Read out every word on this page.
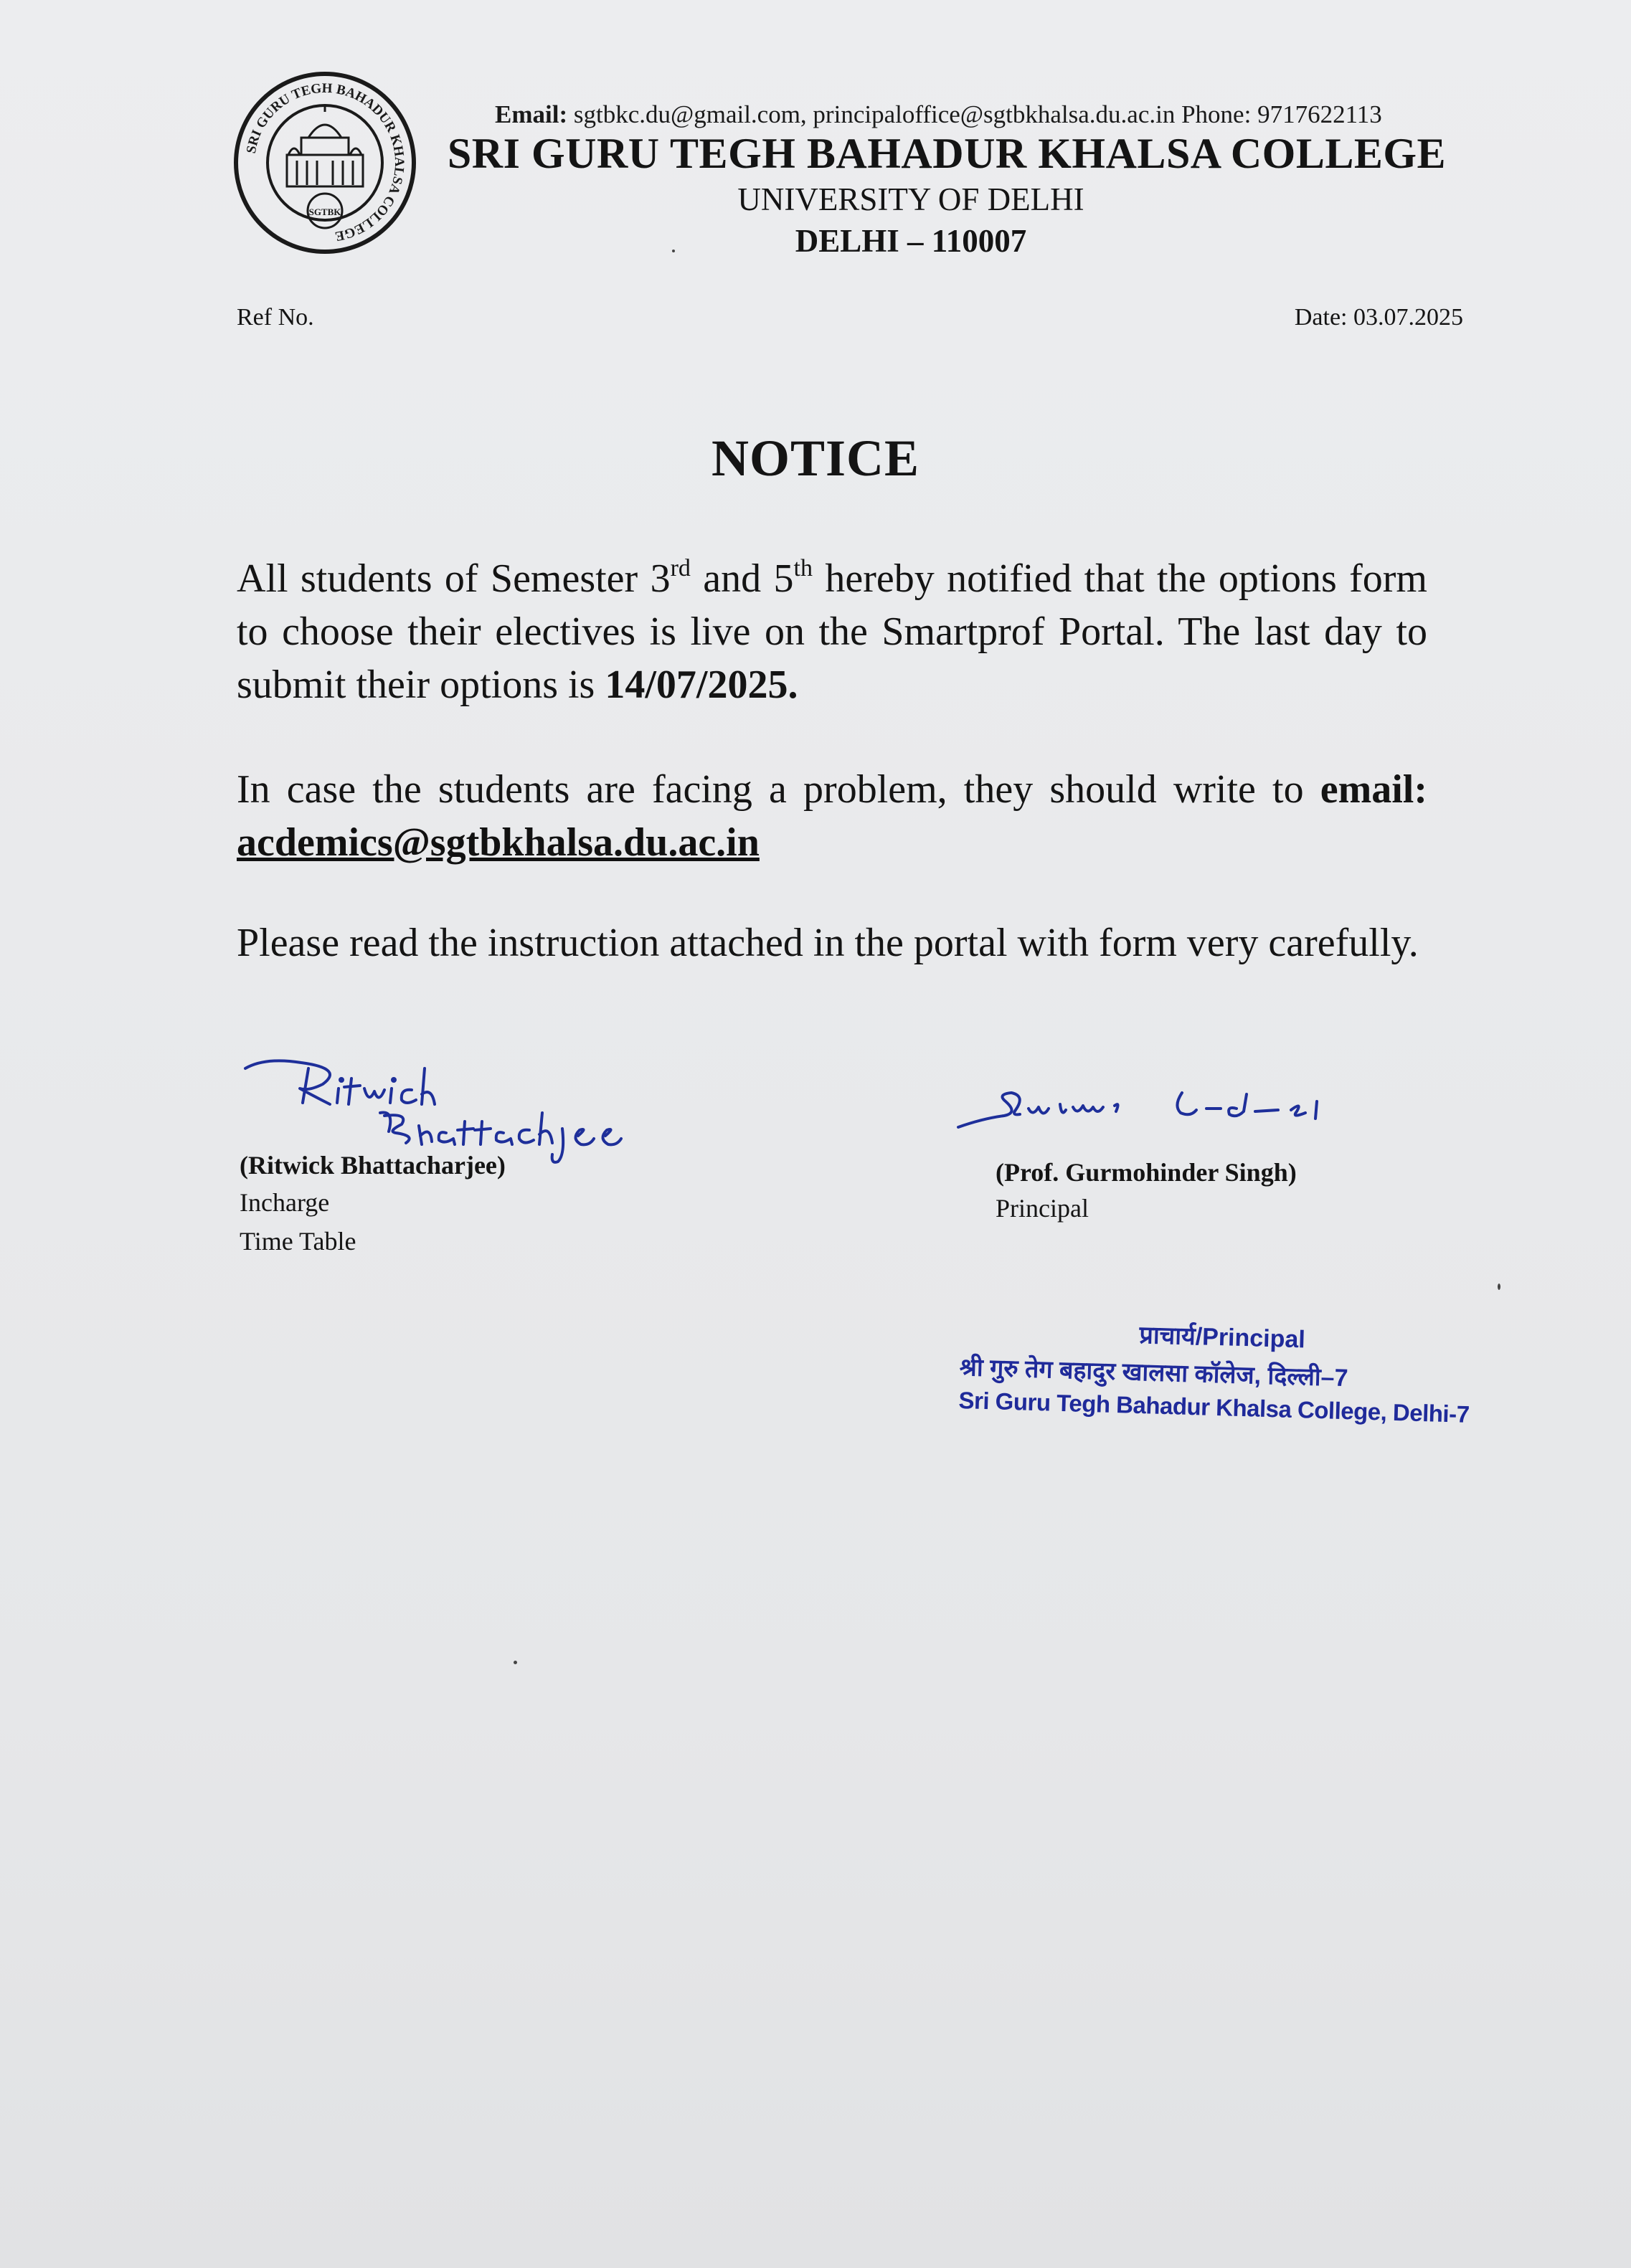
SRI GURU TEGH BAHADUR KHALSA COLLEGE
SGTBK
Email: sgtbkc.du@gmail.com, principaloffice@sgtbkhalsa.du.ac.in Phone: 9717622113
SRI GURU TEGH BAHADUR KHALSA COLLEGE
UNIVERSITY OF DELHI
DELHI – 110007
Ref No.	Date: 03.07.2025
NOTICE
All students of Semester 3rd and 5th hereby notified that the options form to choose their electives is live on the Smartprof Portal. The last day to submit their options is 14/07/2025.
In case the students are facing a problem, they should write to email: acdemics@sgtbkhalsa.du.ac.in
Please read the instruction attached in the portal with form very carefully.
(Ritwick Bhattacharjee)
Incharge
Time Table
(Prof. Gurmohinder Singh)
Principal
प्राचार्य/Principal
श्री गुरु तेग बहादुर खालसा कॉलेज, दिल्ली–7
Sri Guru Tegh Bahadur Khalsa College, Delhi-7
